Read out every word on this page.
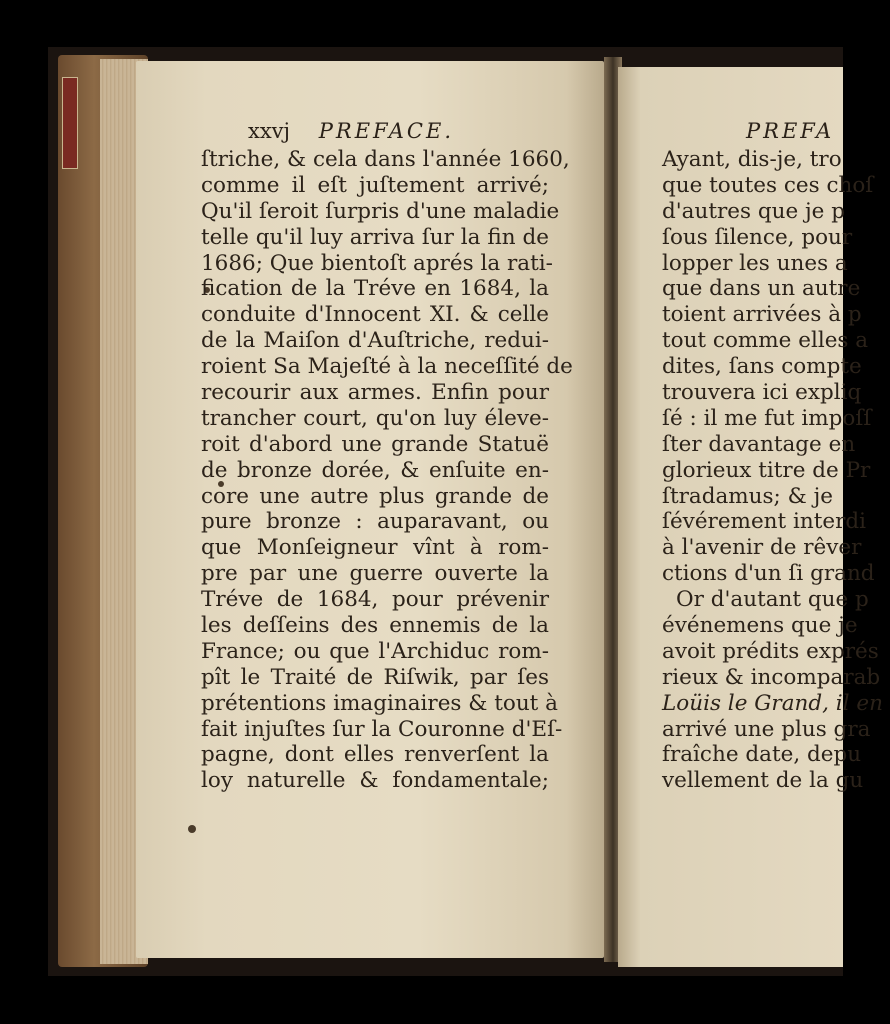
xxvj PREFACE.
ſtriche, & cela dans l'année 1660,
comme il eſt juſtement arrivé;
Qu'il ſeroit ſurpris d'une maladie
telle qu'il luy arriva ſur la fin de
1686; Que bientoſt aprés la rati-
fication de la Tréve en 1684, la
conduite d'Innocent XI. & celle
de la Maiſon d'Auſtriche, redui-
roient Sa Majeſté à la neceſſité de
recourir aux armes. Enfin pour
trancher court, qu'on luy éleve-
roit d'abord une grande Statuë
de bronze dorée, & enſuite en-
core une autre plus grande de
pure bronze : auparavant, ou
que Monſeigneur vînt à rom-
pre par une guerre ouverte la
Tréve de 1684, pour prévenir
les deſſeins des ennemis de la
France; ou que l'Archiduc rom-
pît le Traité de Riſwik, par ſes
prétentions imaginaires & tout à
fait injuſtes ſur la Couronne d'Eſ-
pagne, dont elles renverſent la
loy naturelle & fondamentale;
PREFA
Ayant, dis-je, tro
que toutes ces choſ
d'autres que je p
ſous ſilence, pour
lopper les unes a
que dans un autre
toient arrivées à p
tout comme elles a
dites, ſans compte
trouvera ici expliq
ſé : il me fut impoſſ
ſter davantage en
glorieux titre de Pr
ſtradamus; & je
ſévérement interdi
à l'avenir de rêver
ctions d'un ſi grand
Or d'autant que p
événemens que je
avoit prédits exprés
rieux & incomparab
Loüis le Grand, il en
arrivé une plus gra
fraîche date, depu
vellement de la gu
